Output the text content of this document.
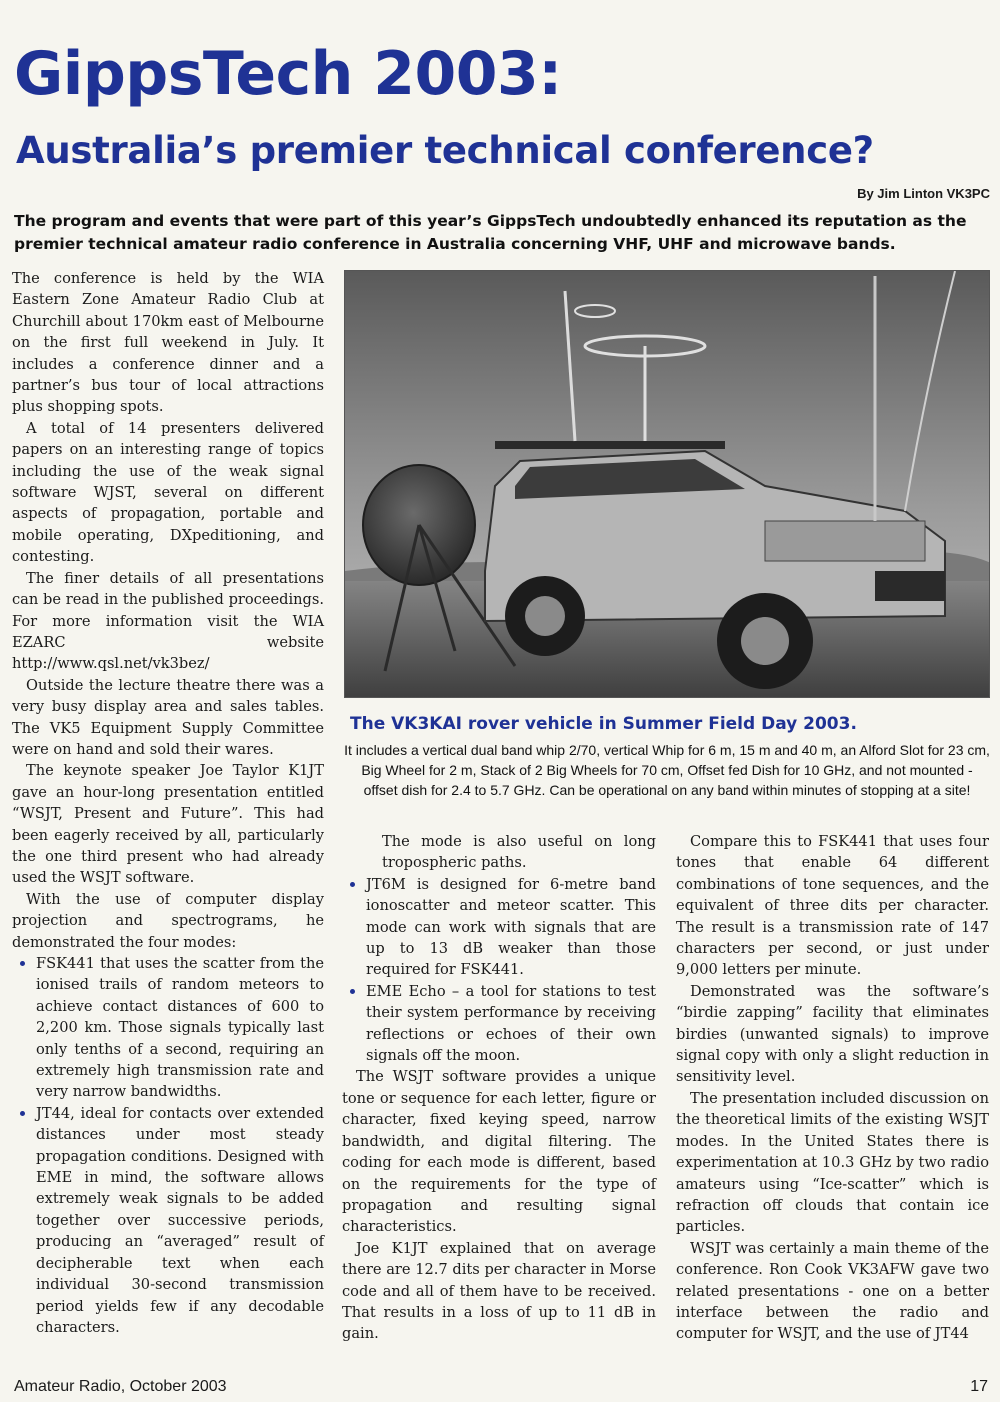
GippsTech 2003:
Australia’s premier technical conference?
By Jim Linton VK3PC

The program and events that were part of this year’s GippsTech undoubtedly enhanced its reputation as the premier technical amateur radio conference in Australia concerning VHF, UHF and microwave bands.

The conference is held by the WIA Eastern Zone Amateur Radio Club at Churchill about 170km east of Melbourne on the first full weekend in July. It includes a conference dinner and a partner’s bus tour of local attractions plus shopping spots.

A total of 14 presenters delivered papers on an interesting range of topics including the use of the weak signal software WJST, several on different aspects of propagation, portable and mobile operating, DXpeditioning, and contesting.

The finer details of all presentations can be read in the published proceedings. For more information visit the WIA EZARC website http://www.qsl.net/vk3bez/

Outside the lecture theatre there was a very busy display area and sales tables. The VK5 Equipment Supply Committee were on hand and sold their wares.

The keynote speaker Joe Taylor K1JT gave an hour-long presentation entitled “WSJT, Present and Future”. This had been eagerly received by all, particularly the one third present who had already used the WSJT software.

With the use of computer display projection and spectrograms, he demonstrated the four modes:

• FSK441 that uses the scatter from the ionised trails of random meteors to achieve contact distances of 600 to 2,200 km. Those signals typically last only tenths of a second, requiring an extremely high transmission rate and very narrow bandwidths.
• JT44, ideal for contacts over extended distances under most steady propagation conditions. Designed with EME in mind, the software allows extremely weak signals to be added together over successive periods, producing an “averaged” result of decipherable text when each individual 30-second transmission period yields few if any decodable characters.
The VK3KAI rover vehicle in Summer Field Day 2003.
It includes a vertical dual band whip 2/70, vertical Whip for 6 m, 15 m and 40 m, an Alford Slot for 23 cm, Big Wheel for 2 m, Stack of 2 Big Wheels for 70 cm, Offset fed Dish for 10 GHz, and not mounted - offset dish for 2.4 to 5.7 GHz. Can be operational on any band within minutes of stopping at a site!

The mode is also useful on long tropospheric paths.

• JT6M is designed for 6-metre band ionoscatter and meteor scatter. This mode can work with signals that are up to 13 dB weaker than those required for FSK441.
• EME Echo – a tool for stations to test their system performance by receiving reflections or echoes of their own signals off the moon.

The WSJT software provides a unique tone or sequence for each letter, figure or character, fixed keying speed, narrow bandwidth, and digital filtering. The coding for each mode is different, based on the requirements for the type of propagation and resulting signal characteristics.

Joe K1JT explained that on average there are 12.7 dits per character in Morse code and all of them have to be received. That results in a loss of up to 11 dB in gain.

Compare this to FSK441 that uses four tones that enable 64 different combinations of tone sequences, and the equivalent of three dits per character. The result is a transmission rate of 147 characters per second, or just under 9,000 letters per minute.

Demonstrated was the software’s “birdie zapping” facility that eliminates birdies (unwanted signals) to improve signal copy with only a slight reduction in sensitivity level.

The presentation included discussion on the theoretical limits of the existing WSJT modes. In the United States there is experimentation at 10.3 GHz by two radio amateurs using “Ice-scatter” which is refraction off clouds that contain ice particles.

WSJT was certainly a main theme of the conference. Ron Cook VK3AFW gave two related presentations - one on a better interface between the radio and computer for WSJT, and the use of JT44

Amateur Radio, October 2003	17
